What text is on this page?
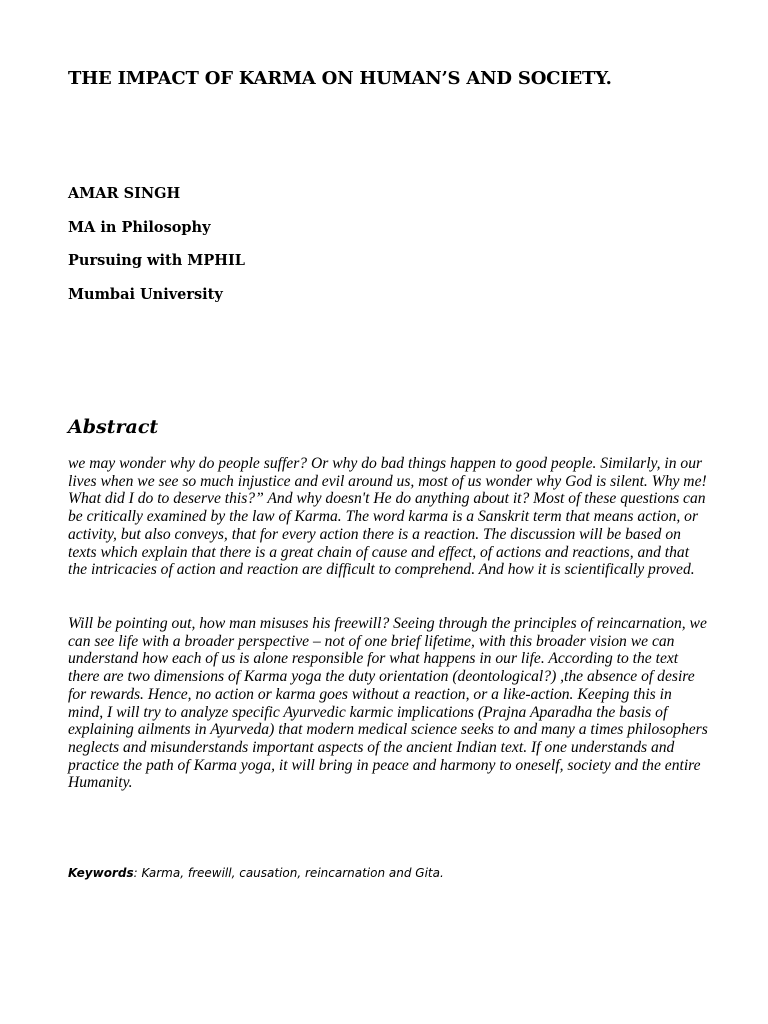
THE IMPACT OF KARMA ON HUMAN’S AND SOCIETY.
AMAR SINGH
MA in Philosophy
Pursuing with MPHIL
Mumbai University
Abstract

we may wonder why do people suffer? Or why do bad things happen to good people. Similarly, in our lives when we see so much injustice and evil around us, most of us wonder why God is silent. Why me! What did I do to deserve this?” And why doesn't He do anything about it? Most of these questions can be critically examined by the law of Karma. The word karma is a Sanskrit term that means action, or activity, but also conveys, that for every action there is a reaction. The discussion will be based on texts which explain that there is a great chain of cause and effect, of actions and reactions, and that the intricacies of action and reaction are difficult to comprehend. And how it is scientifically proved.

Will be pointing out, how man misuses his freewill? Seeing through the principles of reincarnation, we can see life with a broader perspective – not of one brief lifetime, with this broader vision we can understand how each of us is alone responsible for what happens in our life. According to the text there are two dimensions of Karma yoga the duty orientation (deontological?) ,the absence of desire for rewards. Hence, no action or karma goes without a reaction, or a like-action. Keeping this in mind, I will try to analyze specific Ayurvedic karmic implications (Prajna Aparadha the basis of explaining ailments in Ayurveda) that modern medical science seeks to and many a times philosophers neglects and misunderstands important aspects of the ancient Indian text. If one understands and practice the path of Karma yoga, it will bring in peace and harmony to oneself, society and the entire Humanity.

Keywords: Karma, freewill, causation, reincarnation and Gita.
